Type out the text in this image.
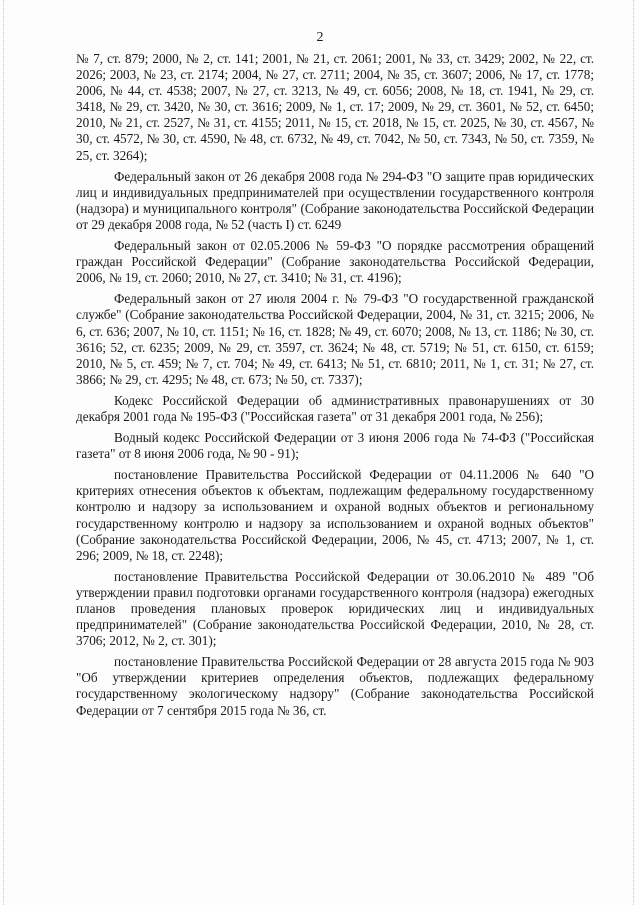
2

№ 7, ст. 879; 2000, № 2, ст. 141; 2001, № 21, ст. 2061; 2001, № 33, ст. 3429; 2002, № 22, ст. 2026; 2003, № 23, ст. 2174; 2004, № 27, ст. 2711; 2004, № 35, ст. 3607; 2006, № 17, ст. 1778; 2006, № 44, ст. 4538; 2007, № 27, ст. 3213, № 49, ст. 6056; 2008, № 18, ст. 1941, № 29, ст. 3418, № 29, ст. 3420, № 30, ст. 3616; 2009, № 1, ст. 17; 2009, № 29, ст. 3601, № 52, ст. 6450; 2010, № 21, ст. 2527, № 31, ст. 4155; 2011, № 15, ст. 2018, № 15, ст. 2025, № 30, ст. 4567, № 30, ст. 4572, № 30, ст. 4590, № 48, ст. 6732, № 49, ст. 7042, № 50, ст. 7343, № 50, ст. 7359, № 25, ст. 3264);

Федеральный закон от 26 декабря 2008 года № 294-ФЗ "О защите прав юридических лиц и индивидуальных предпринимателей при осуществлении государственного контроля (надзора) и муниципального контроля" (Собрание законодательства Российской Федерации от 29 декабря 2008 года, № 52 (часть I) ст. 6249

Федеральный закон от 02.05.2006 № 59-ФЗ "О порядке рассмотрения обращений граждан Российской Федерации" (Собрание законодательства Российской Федерации, 2006, № 19, ст. 2060; 2010, № 27, ст. 3410; № 31, ст. 4196);

Федеральный закон от 27 июля 2004 г. № 79-ФЗ "О государственной гражданской службе" (Собрание законодательства Российской Федерации, 2004, № 31, ст. 3215; 2006, № 6, ст. 636; 2007, № 10, ст. 1151; № 16, ст. 1828; № 49, ст. 6070; 2008, № 13, ст. 1186; № 30, ст. 3616; 52, ст. 6235; 2009, № 29, ст. 3597, ст. 3624; № 48, ст. 5719; № 51, ст. 6150, ст. 6159; 2010, № 5, ст. 459; № 7, ст. 704; № 49, ст. 6413; № 51, ст. 6810; 2011, № 1, ст. 31; № 27, ст. 3866; № 29, ст. 4295; № 48, ст. 673; № 50, ст. 7337);

Кодекс Российской Федерации об административных правонарушениях от 30 декабря 2001 года № 195-ФЗ ("Российская газета" от 31 декабря 2001 года, № 256);

Водный кодекс Российской Федерации от 3 июня 2006 года № 74-ФЗ ("Российская газета" от 8 июня 2006 года, № 90 - 91);

постановление Правительства Российской Федерации от 04.11.2006 № 640 "О критериях отнесения объектов к объектам, подлежащим федеральному государственному контролю и надзору за использованием и охраной водных объектов и региональному государственному контролю и надзору за использованием и охраной водных объектов" (Собрание законодательства Российской Федерации, 2006, № 45, ст. 4713; 2007, № 1, ст. 296; 2009, № 18, ст. 2248);

постановление Правительства Российской Федерации от 30.06.2010 № 489 "Об утверждении правил подготовки органами государственного контроля (надзора) ежегодных планов проведения плановых проверок юридических лиц и индивидуальных предпринимателей" (Собрание законодательства Российской Федерации, 2010, № 28, ст. 3706; 2012, № 2, ст. 301);

постановление Правительства Российской Федерации от 28 августа 2015 года № 903 "Об утверждении критериев определения объектов, подлежащих федеральному государственному экологическому надзору" (Собрание законодательства Российской Федерации от 7 сентября 2015 года № 36, ст.
